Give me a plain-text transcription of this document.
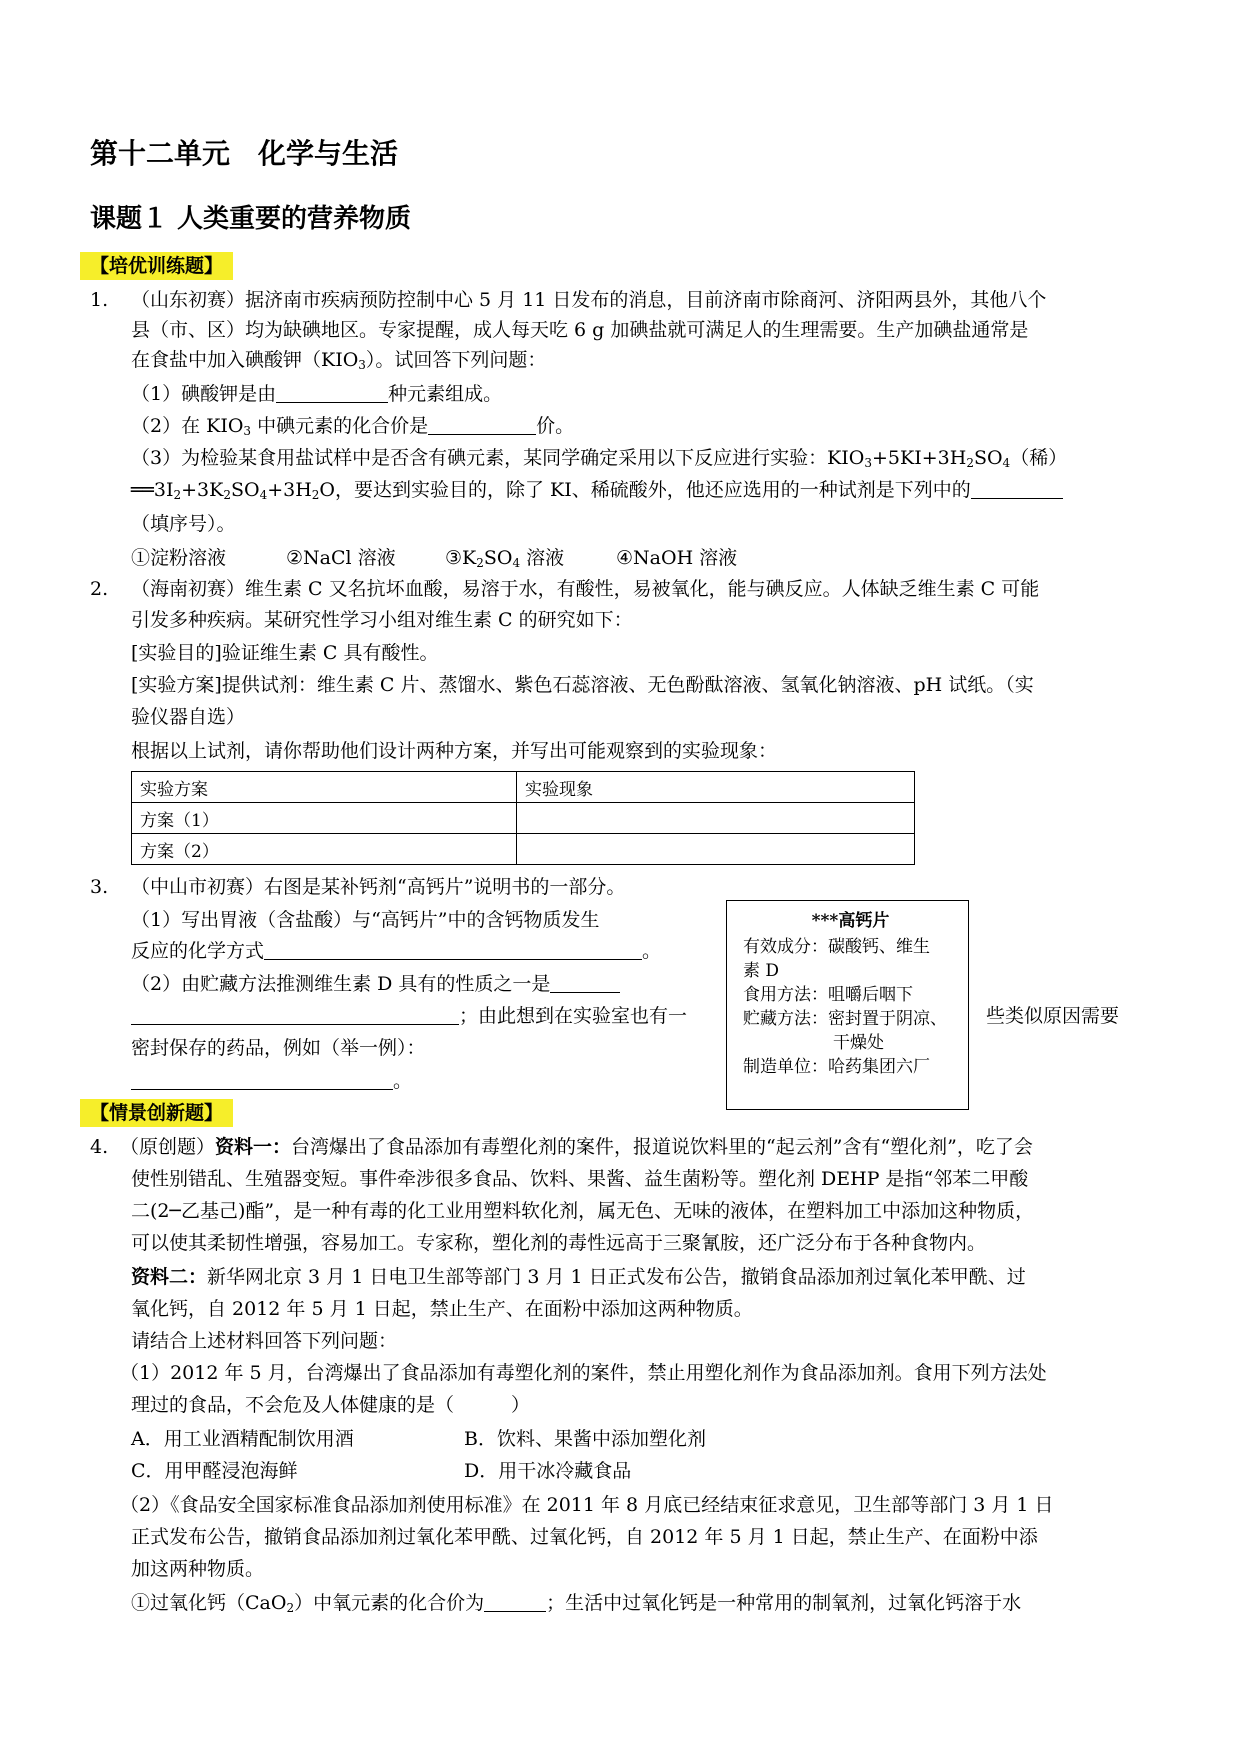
第十二单元　化学与生活
课题１ 人类重要的营养物质
【培优训练题】
1. （山东初赛）据济南市疾病预防控制中心 5 月 11 日发布的消息，目前济南市除商河、济阳两县外，其他八个
县（市、区）均为缺碘地区。专家提醒，成人每天吃 6 g 加碘盐就可满足人的生理需要。生产加碘盐通常是
在食盐中加入碘酸钾$(KIO_3)$。试回答下列问题：
（1）碘酸钾是由	种元素组成。
（2）在 $KIO_3$ 中碘元素的化合价是	价。
（3）为检验某食用盐试样中是否含有碘元素，某同学确定采用以下反应进行实验：$KIO_3+5KI+3H_2SO_4$（稀）
$══3I_2+3K_2SO_4+3H_2O$，要达到实验目的，除了 KI、稀硫酸外，他还应选用的一种试剂是下列中的
（填序号）。
①淀粉溶液	②NaCl 溶液	$③K_2SO_4$ 溶液	④NaOH 溶液
2. （海南初赛）维生素 C 又名抗坏血酸，易溶于水，有酸性，易被氧化，能与碘反应。人体缺乏维生素 C 可能
引发多种疾病。某研究性学习小组对维生素 C 的研究如下：
[实验目的]验证维生素 C 具有酸性。
[实验方案]提供试剂：维生素 C 片、蒸馏水、紫色石蕊溶液、无色酚酞溶液、氢氧化钠溶液、pH 试纸。（实
验仪器自选）
根据以上试剂，请你帮助他们设计两种方案，并写出可能观察到的实验现象：
实验方案	实验现象
方案（1）	
方案（2）	
3. （中山市初赛）右图是某补钙剂“高钙片”说明书的一部分。
（1）写出胃液（含盐酸）与“高钙片”中的含钙物质发生
反应的化学方式	。
（2）由贮藏方法推测维生素 D 具有的性质之一是
；由此想到在实验室也有一	些类似原因需要
密封保存的药品，例如（举一例）：
。
***高钙片
有效成分：碳酸钙、维生
素 D
食用方法：咀嚼后咽下
贮藏方法：密封置于阴凉、
干燥处
制造单位：哈药集团六厂
【情景创新题】
4. （原创题）资料一：台湾爆出了食品添加有毒塑化剂的案件，报道说饮料里的“起云剂”含有“塑化剂”，吃了会
使性别错乱、生殖器变短。事件牵涉很多食品、饮料、果酱、益生菌粉等。塑化剂 DEHP 是指“邻苯二甲酸
二(2─乙基己)酯”，是一种有毒的化工业用塑料软化剂，属无色、无味的液体，在塑料加工中添加这种物质，
可以使其柔韧性增强，容易加工。专家称，塑化剂的毒性远高于三聚氰胺，还广泛分布于各种食物内。
资料二：新华网北京 3 月 1 日电卫生部等部门 3 月 1 日正式发布公告，撤销食品添加剂过氧化苯甲酰、过
氧化钙，自 2012 年 5 月 1 日起，禁止生产、在面粉中添加这两种物质。
请结合上述材料回答下列问题：
（1）2012 年 5 月，台湾爆出了食品添加有毒塑化剂的案件，禁止用塑化剂作为食品添加剂。食用下列方法处
理过的食品，不会危及人体健康的是（　　　）
A．用工业酒精配制饮用酒	B．饮料、果酱中添加塑化剂
C．用甲醛浸泡海鲜	D．用干冰冷藏食品
（2）《食品安全国家标准食品添加剂使用标准》在 2011 年 8 月底已经结束征求意见，卫生部等部门 3 月 1 日
正式发布公告，撤销食品添加剂过氧化苯甲酰、过氧化钙，自 2012 年 5 月 1 日起，禁止生产、在面粉中添
加这两种物质。
①过氧化钙（CaO$_2$）中氧元素的化合价为	；生活中过氧化钙是一种常用的制氧剂，过氧化钙溶于水
